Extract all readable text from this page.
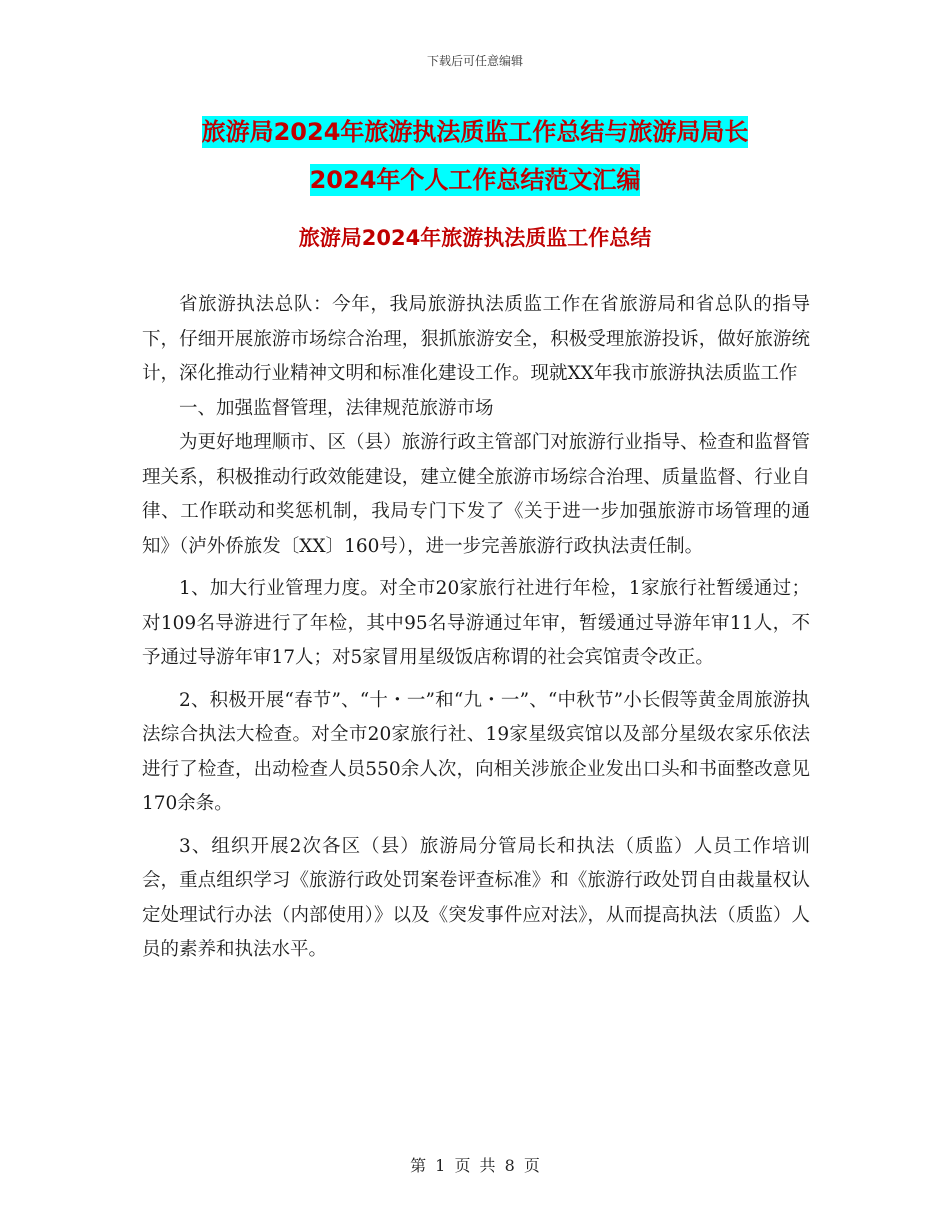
下载后可任意编辑
旅游局2024年旅游执法质监工作总结与旅游局局长
2024年个人工作总结范文汇编
旅游局2024年旅游执法质监工作总结

省旅游执法总队：今年，我局旅游执法质监工作在省旅游局和省总队的指导下，仔细开展旅游市场综合治理，狠抓旅游安全，积极受理旅游投诉，做好旅游统计，深化推动行业精神文明和标准化建设工作。现就XX年我市旅游执法质监工作

一、加强监督管理，法律规范旅游市场

为更好地理顺市、区（县）旅游行政主管部门对旅游行业指导、检查和监督管理关系，积极推动行政效能建设，建立健全旅游市场综合治理、质量监督、行业自律、工作联动和奖惩机制，我局专门下发了《关于进一步加强旅游市场管理的通知》（泸外侨旅发〔XX〕160号），进一步完善旅游行政执法责任制。

1、加大行业管理力度。对全市20家旅行社进行年检，1家旅行社暂缓通过；对109名导游进行了年检，其中95名导游通过年审，暂缓通过导游年审11人，不予通过导游年审17人；对5家冒用星级饭店称谓的社会宾馆责令改正。

2、积极开展“春节”、“十・一”和“九・一”、“中秋节”小长假等黄金周旅游执法综合执法大检查。对全市20家旅行社、19家星级宾馆以及部分星级农家乐依法进行了检查，出动检查人员550余人次，向相关涉旅企业发出口头和书面整改意见170余条。

3、组织开展2次各区（县）旅游局分管局长和执法（质监）人员工作培训会，重点组织学习《旅游行政处罚案卷评查标准》和《旅游行政处罚自由裁量权认定处理试行办法（内部使用）》以及《突发事件应对法》，从而提高执法（质监）人员的素养和执法水平。

第 1 页 共 8 页
